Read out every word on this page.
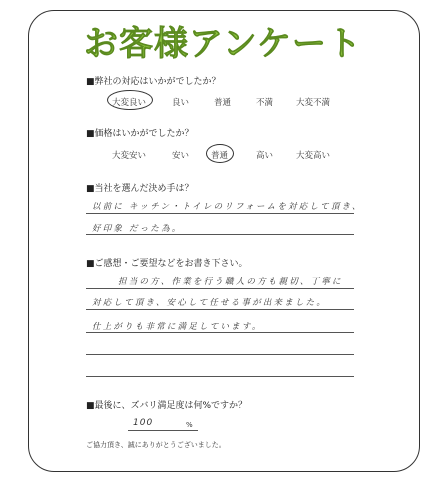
お客様アンケート
■弊社の対応はいかがでしたか？
大変良い	良い	普通	不満	大変不満
■価格はいかがでしたか？
大変安い	安い	普通	高い	大変高い
■当社を選んだ決め手は？
以前に キッチン・トイレのリフォームを対応して頂き、
好印象 だった為。
■ご感想・ご要望などをお書き下さい。
担当の方、作業を行う職人の方も親切、丁寧に
対応して頂き、安心して任せる事が出来ました。
仕上がりも非常に満足しています。
■最後に、ズバリ満足度は何%ですか？
100	%
ご協力頂き、誠にありがとうございました。
